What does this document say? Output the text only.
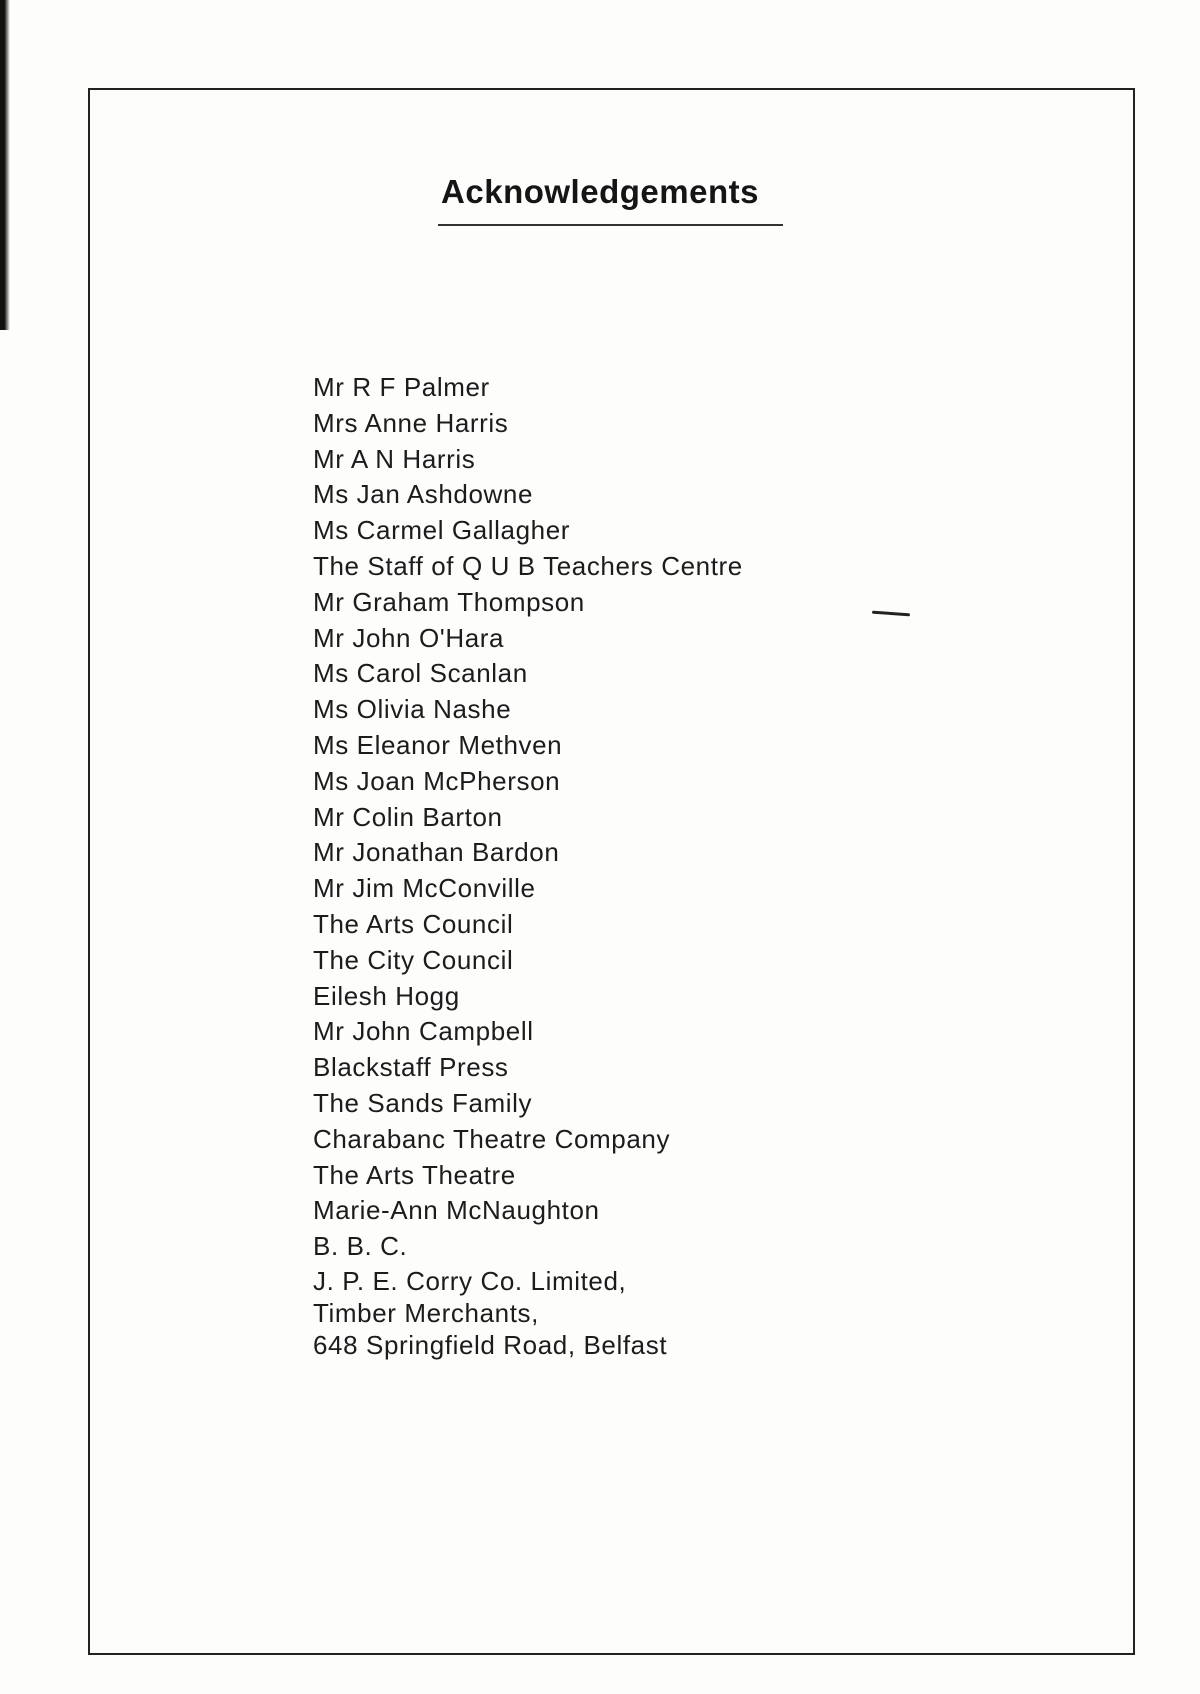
Acknowledgements
Mr R F Palmer
Mrs Anne Harris
Mr A N Harris
Ms Jan Ashdowne
Ms Carmel Gallagher
The Staff of Q U B Teachers Centre
Mr Graham Thompson
Mr John O'Hara
Ms Carol Scanlan
Ms Olivia Nashe
Ms Eleanor Methven
Ms Joan McPherson
Mr Colin Barton
Mr Jonathan Bardon
Mr Jim McConville
The Arts Council
The City Council
Eilesh Hogg
Mr John Campbell
Blackstaff Press
The Sands Family
Charabanc Theatre Company
The Arts Theatre
Marie-Ann McNaughton
B. B. C.
J. P. E. Corry Co. Limited,
Timber Merchants,
648 Springfield Road, Belfast
